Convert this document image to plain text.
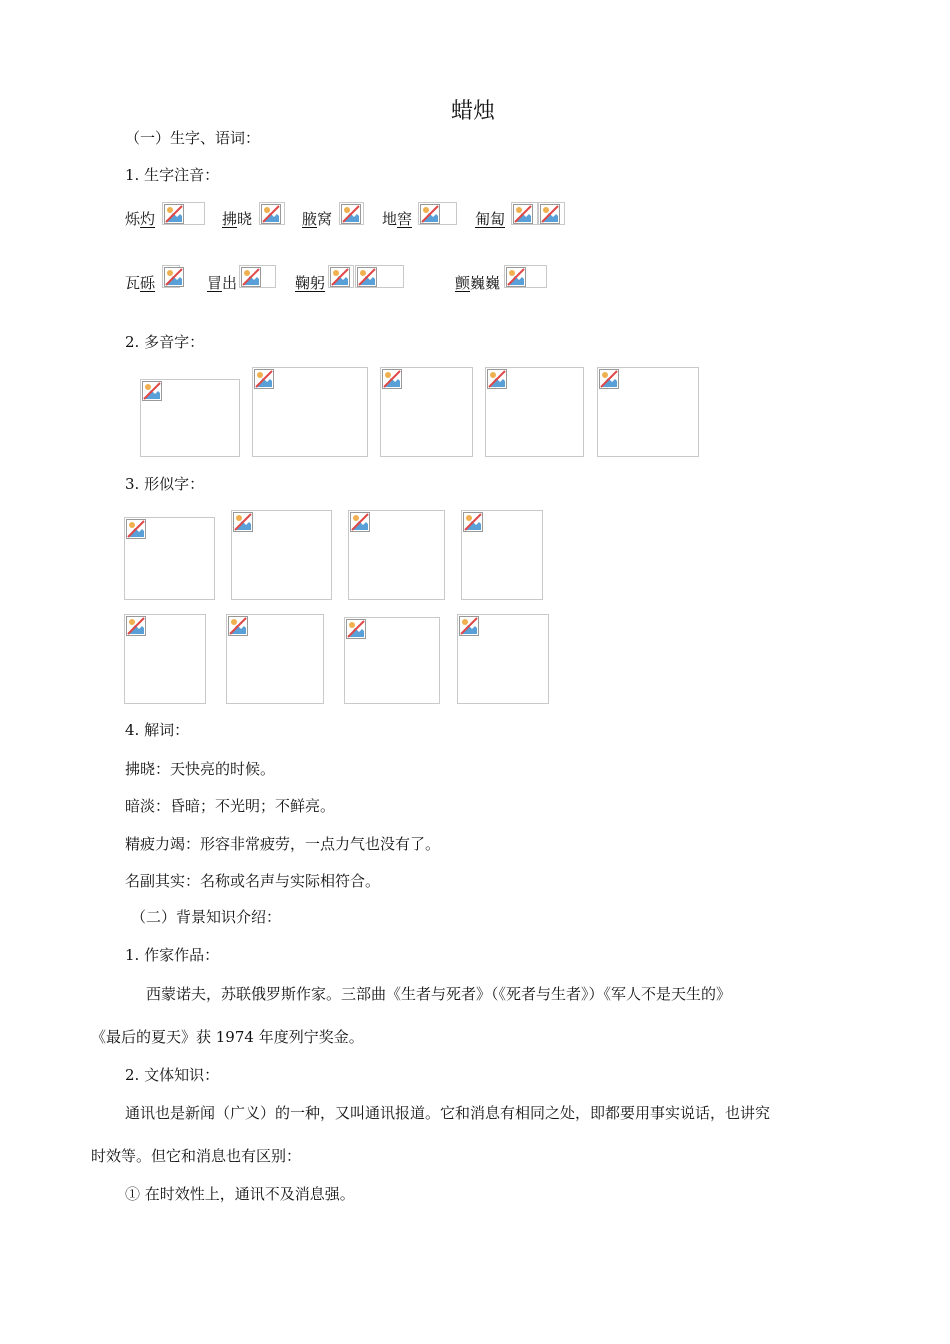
蜡烛
（一）生字、语词：
1. 生字注音：
烁灼	拂晓	腋窝	地窖	匍匐
瓦砾	冒出	鞠躬	颤巍巍
2. 多音字：
3. 形似字：
4. 解词：
拂晓：天快亮的时候。
暗淡：昏暗；不光明；不鲜亮。
精疲力竭：形容非常疲劳，一点力气也没有了。
名副其实：名称或名声与实际相符合。
（二）背景知识介绍：
1. 作家作品：
西蒙诺夫，苏联俄罗斯作家。三部曲《生者与死者》（《死者与生者》）《军人不是天生的》
《最后的夏天》获 1974 年度列宁奖金。
2. 文体知识：
通讯也是新闻（广义）的一种，又叫通讯报道。它和消息有相同之处，即都要用事实说话，也讲究
时效等。但它和消息也有区别：
① 在时效性上，通讯不及消息强。
